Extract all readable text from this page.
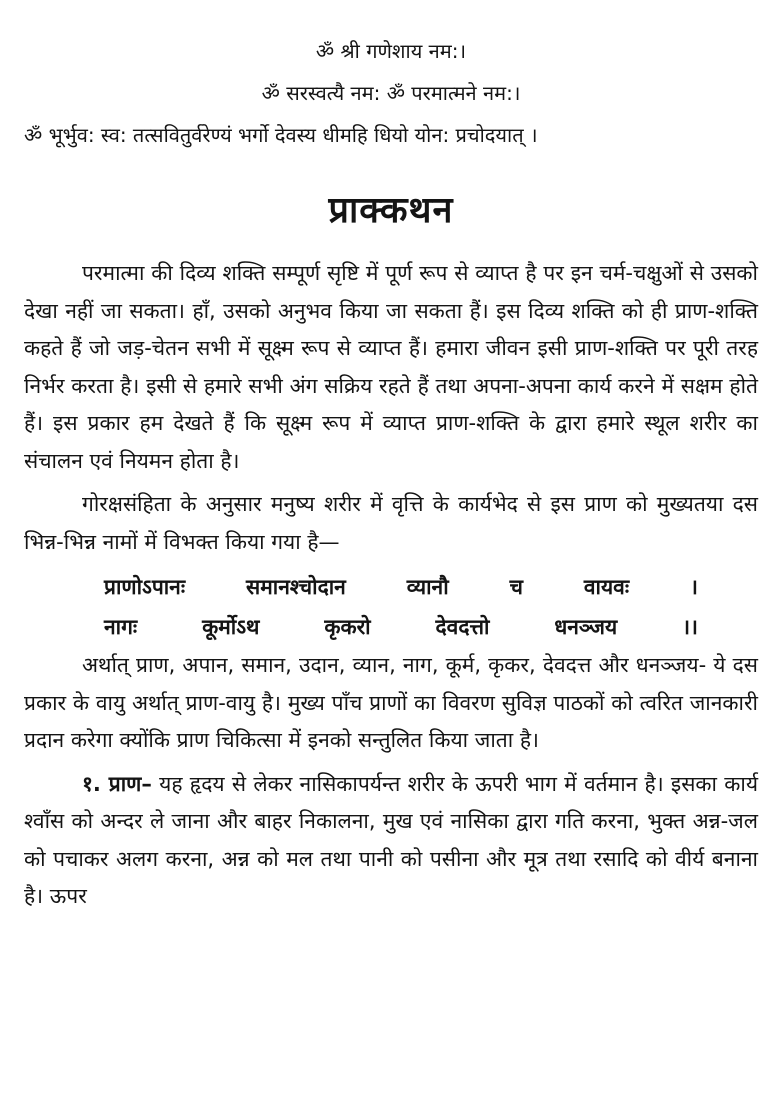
ॐ श्री गणेशाय नम:।
ॐ सरस्वत्यै नम: ॐ परमात्मने नम:।
ॐ भूर्भुव: स्व: तत्सवितुर्वरेण्यं भर्गो देवस्य धीमहि धियो योन: प्रचोदयात् ।
प्राक्कथन

परमात्मा की दिव्य शक्ति सम्पूर्ण सृष्टि में पूर्ण रूप से व्याप्त है पर इन चर्म-चक्षुओं से उसको देखा नहीं जा सकता। हाँ, उसको अनुभव किया जा सकता हैं। इस दिव्य शक्ति को ही प्राण-शक्ति कहते हैं जो जड़-चेतन सभी में सूक्ष्म रूप से व्याप्त हैं। हमारा जीवन इसी प्राण-शक्ति पर पूरी तरह निर्भर करता है। इसी से हमारे सभी अंग सक्रिय रहते हैं तथा अपना-अपना कार्य करने में सक्षम होते हैं। इस प्रकार हम देखते हैं कि सूक्ष्म रूप में व्याप्त प्राण-शक्ति के द्वारा हमारे स्थूल शरीर का संचालन एवं नियमन होता है।

गोरक्षसंहिता के अनुसार मनुष्य शरीर में वृत्ति के कार्यभेद से इस प्राण को मुख्यतया दस भिन्न-भिन्न नामों में विभक्त किया गया है—

प्राणोऽपानः समानश्चोदान व्यानौ च वायवः ।
नागः कूर्मोऽथ कृकरो देवदत्तो धनञ्जय ।।

अर्थात् प्राण, अपान, समान, उदान, व्यान, नाग, कूर्म, कृकर, देवदत्त और धनञ्जय- ये दस प्रकार के वायु अर्थात् प्राण-वायु है। मुख्य पाँच प्राणों का विवरण सुविज्ञ पाठकों को त्वरित जानकारी प्रदान करेगा क्योंकि प्राण चिकित्सा में इनको सन्तुलित किया जाता है।

१. प्राण– यह हृदय से लेकर नासिकापर्यन्त शरीर के ऊपरी भाग में वर्तमान है। इसका कार्य श्वाँस को अन्दर ले जाना और बाहर निकालना, मुख एवं नासिका द्वारा गति करना, भुक्त अन्न-जल को पचाकर अलग करना, अन्न को मल तथा पानी को पसीना और मूत्र तथा रसादि को वीर्य बनाना है। ऊपर
